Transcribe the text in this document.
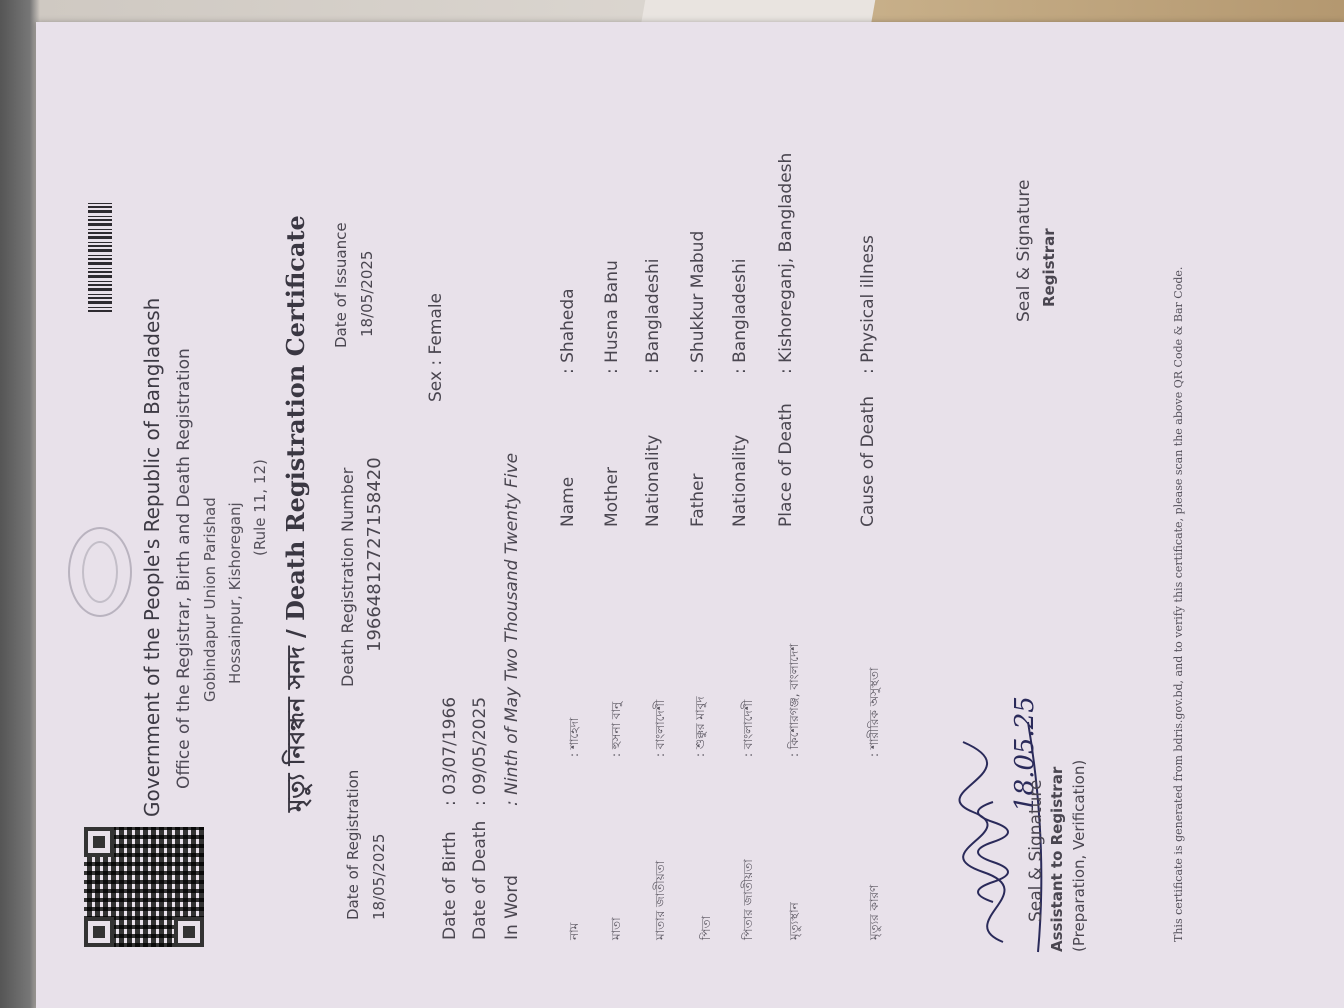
Government of the People's Republic of Bangladesh Office of the Registrar, Birth and Death Registration Gobindapur Union Parishad Hossainpur, Kishoreganj (Rule 11, 12) মৃত্যু নিবন্ধন সনদ / Death Registration Certificate
Date of Registration 18/05/2025
Death Registration Number 19664812727158420
Date of Issuance 18/05/2025
Date of Birth
: 03/07/1966
Sex : Female
Date of Death
: 09/05/2025
In Word
: Ninth of May Two Thousand Twenty Five
নাম
: শাহেদা
Name
: Shaheda
মাতা
: হুসনা বানু
Mother
: Husna Banu
মাতার জাতীয়তা
: বাংলাদেশী
Nationality
: Bangladeshi
পিতা
: শুক্কুর মাবুদ
Father
: Shukkur Mabud
পিতার জাতীয়তা
: বাংলাদেশী
Nationality
: Bangladeshi
মৃত্যুস্থান
: কিশোরগঞ্জ, বাংলাদেশ
Place of Death
: Kishoreganj, Bangladesh
মৃত্যুর কারণ
: শারীরিক অসুস্থতা
Cause of Death
: Physical illness
18.05.25
Seal & Signature Assistant to Registrar (Preparation, Verification)
Seal & Signature Registrar	This certificate is generated from bdris.gov.bd, and to verify this certificate, please scan the above QR Code & Bar Code.
